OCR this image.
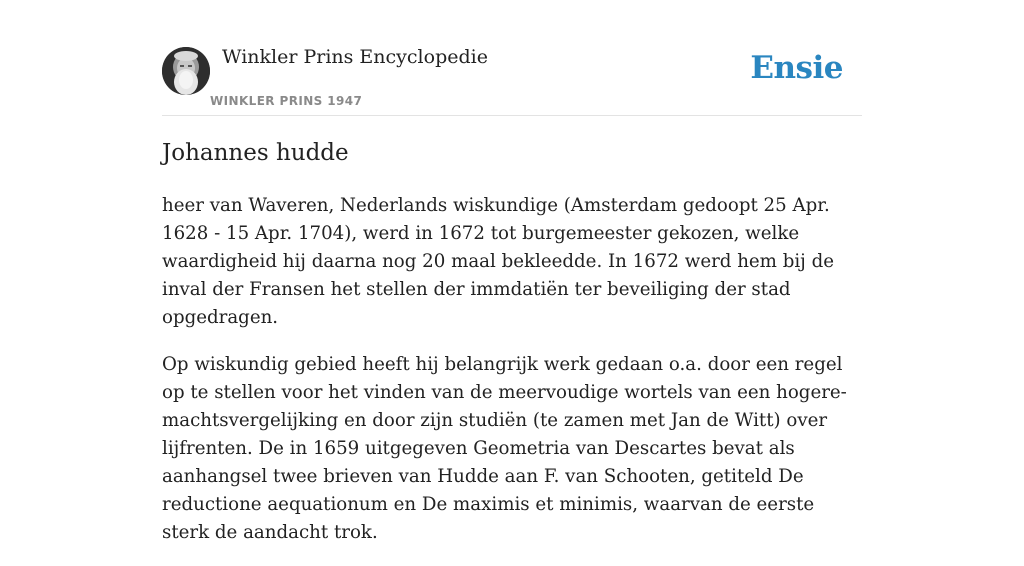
Winkler Prins Encyclopedie
WINKLER PRINS 1947
Ensie
Johannes hudde

heer van Waveren, Nederlands wiskundige (Amsterdam gedoopt 25 Apr. 1628 - 15 Apr. 1704), werd in 1672 tot burgemeester gekozen, welke waardigheid hij daarna nog 20 maal bekleedde. In 1672 werd hem bij de inval der Fransen het stellen der immdatiën ter beveiliging der stad opgedragen.

Op wiskundig gebied heeft hij belangrijk werk gedaan o.a. door een regel op te stellen voor het vinden van de meervoudige wortels van een hogere-machtsvergelijking en door zijn studiën (te zamen met Jan de Witt) over lijfrenten. De in 1659 uitgegeven Geometria van Descartes bevat als aanhangsel twee brieven van Hudde aan F. van Schooten, getiteld De reductione aequationum en De maximis et minimis, waarvan de eerste sterk de aandacht trok.
